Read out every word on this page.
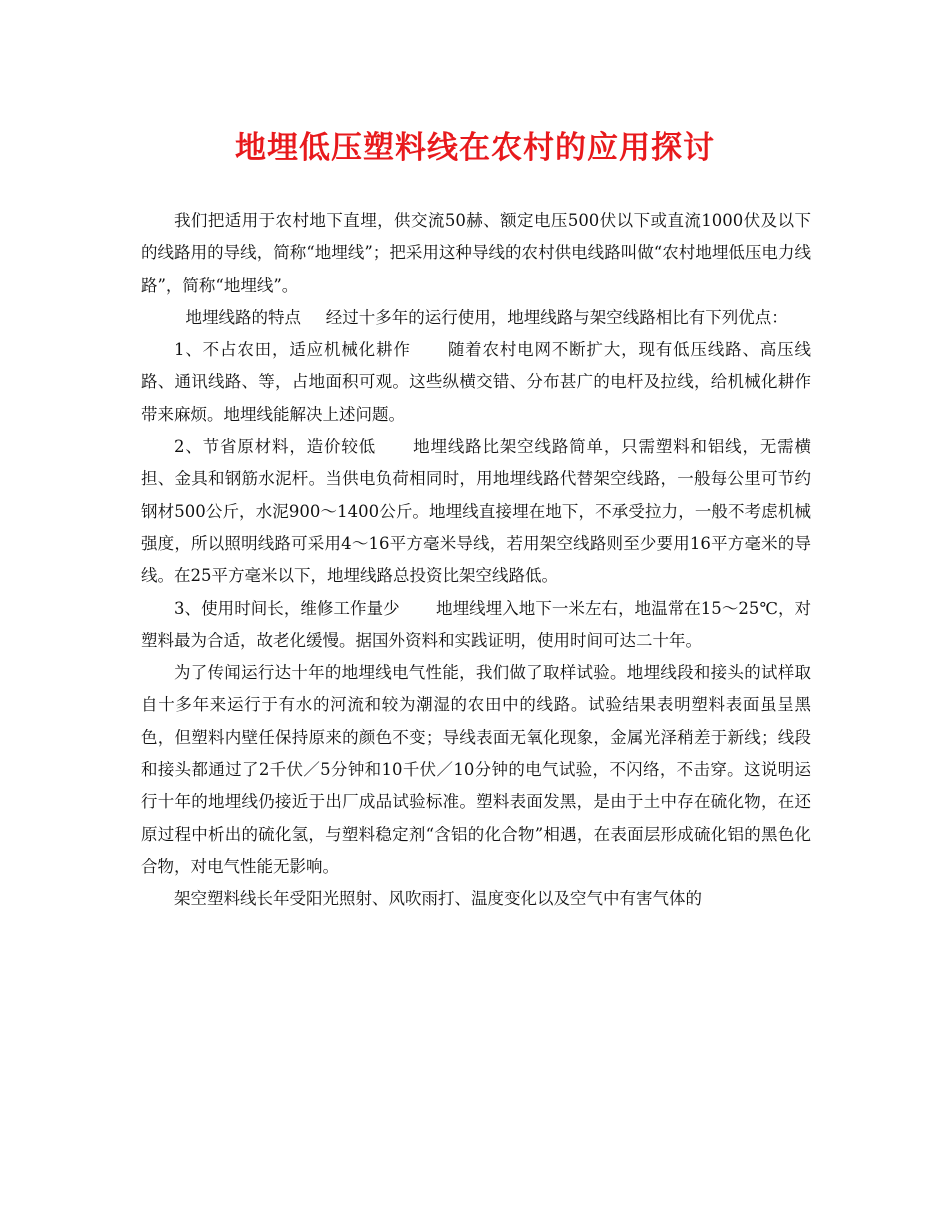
地埋低压塑料线在农村的应用探讨

我们把适用于农村地下直埋，供交流50赫、额定电压500伏以下或直流1000伏及以下的线路用的导线，简称“地埋线”；把采用这种导线的农村供电线路叫做“农村地埋低压电力线路”，简称“地埋线”。

地埋线路的特点 经过十多年的运行使用，地埋线路与架空线路相比有下列优点：

1、不占农田，适应机械化耕作 随着农村电网不断扩大，现有低压线路、高压线路、通讯线路、等，占地面积可观。这些纵横交错、分布甚广的电杆及拉线，给机械化耕作带来麻烦。地埋线能解决上述问题。

2、节省原材料，造价较低 地埋线路比架空线路简单，只需塑料和铝线，无需横担、金具和钢筋水泥杆。当供电负荷相同时，用地埋线路代替架空线路，一般每公里可节约钢材500公斤，水泥900～1400公斤。地埋线直接埋在地下，不承受拉力，一般不考虑机械强度，所以照明线路可采用4～16平方毫米导线，若用架空线路则至少要用16平方毫米的导线。在25平方毫米以下，地埋线路总投资比架空线路低。

3、使用时间长，维修工作量少 地埋线埋入地下一米左右，地温常在15～25℃，对塑料最为合适，故老化缓慢。据国外资料和实践证明，使用时间可达二十年。

为了传闻运行达十年的地埋线电气性能，我们做了取样试验。地埋线段和接头的试样取自十多年来运行于有水的河流和较为潮湿的农田中的线路。试验结果表明塑料表面虽呈黑色，但塑料内壁任保持原来的颜色不变；导线表面无氧化现象，金属光泽稍差于新线；线段和接头都通过了2千伏／5分钟和10千伏／10分钟的电气试验，不闪络，不击穿。这说明运行十年的地埋线仍接近于出厂成品试验标准。塑料表面发黑，是由于土中存在硫化物，在还原过程中析出的硫化氢，与塑料稳定剂“含铝的化合物”相遇，在表面层形成硫化铝的黑色化合物，对电气性能无影响。

架空塑料线长年受阳光照射、风吹雨打、温度变化以及空气中有害气体的
